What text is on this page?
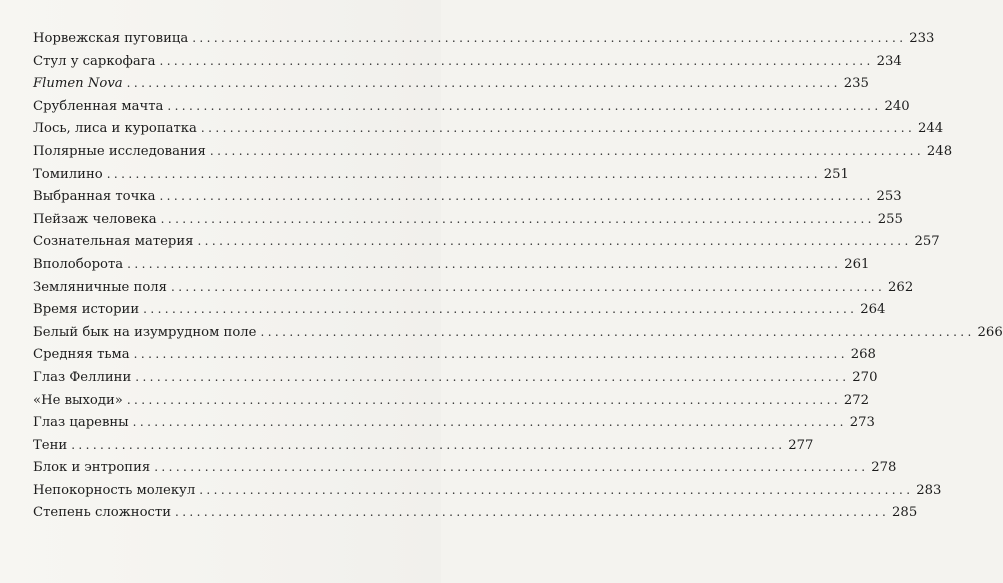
Норвежская пуговица ................................................................................................... 233
Стул у саркофага ................................................................................................... 234
Flumen Nova ................................................................................................... 235
Срубленная мачта ................................................................................................... 240
Лось, лиса и куропатка ................................................................................................... 244
Полярные исследования ................................................................................................... 248
Томилино ................................................................................................... 251
Выбранная точка ................................................................................................... 253
Пейзаж человека ................................................................................................... 255
Сознательная материя ................................................................................................... 257
Вполоборота ................................................................................................... 261
Земляничные поля ................................................................................................... 262
Время истории ................................................................................................... 264
Белый бык на изумрудном поле ................................................................................................... 266
Средняя тьма ................................................................................................... 268
Глаз Феллини ................................................................................................... 270
«Не выходи» ................................................................................................... 272
Глаз царевны ................................................................................................... 273
Тени ................................................................................................... 277
Блок и энтропия ................................................................................................... 278
Непокорность молекул ................................................................................................... 283
Степень сложности ................................................................................................... 285
